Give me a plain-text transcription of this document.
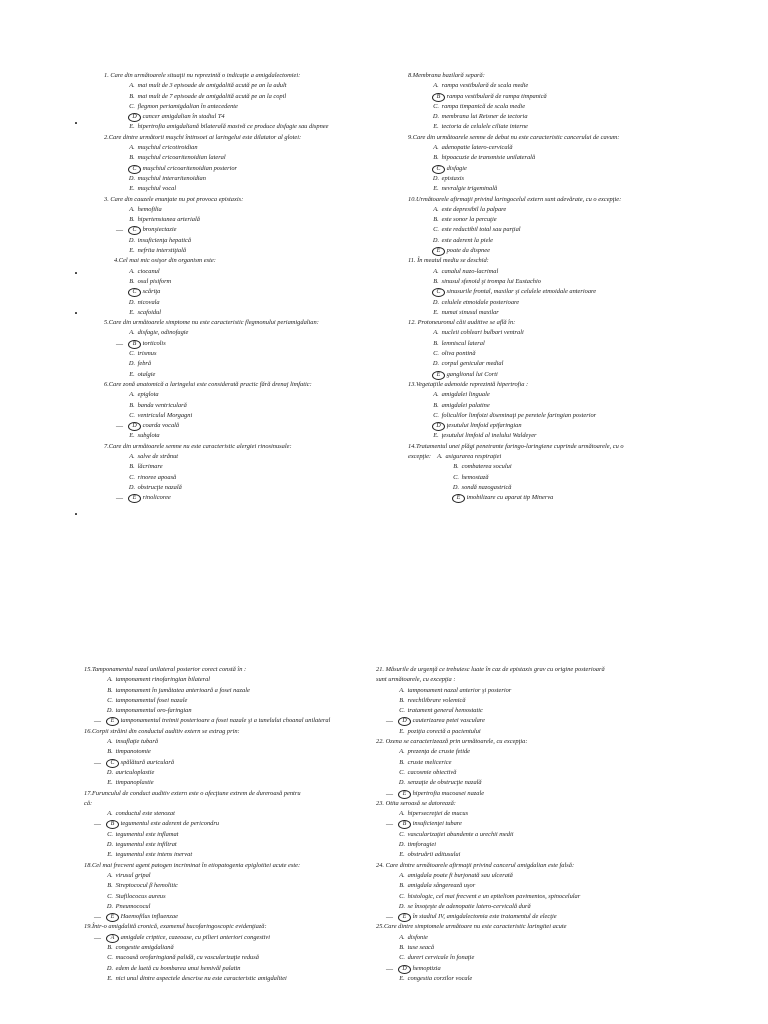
1. Care din următoarele situaţii nu reprezintă o indicaţie a amigdalectomiei:
A. mai mult de 3 episoade de amigdalită acută pe an la adult
B. mai mult de 7 episoade de amigdalită acută pe an la copil
C. flegmon periamigdalian în antecedente
D cancer amigdalian în stadiul T4
E. hipertrofia amigdaliană bilaterală masivă ce produce disfagie sau dispnee
2.Care dintre următorii muşchi întinsoei ai laringelui este dilatator al glotei:
A. muşchiul cricotiroidian
B. muşchiul cricoaritenoidian lateral
C muşchiul cricoaritenoidian posterior
D. muşchiul interaritenoidian
E. muşchiul vocal
3. Care din cauzele enunţate nu pot provoca epistaxis:
A. hemofilia
B. hipertensiunea arterială
— C bronşiectazie
D. insuficienţa hepatică
E. nefrita interstiţială
4.Cel mai mic osişor din organism este:
A. ciocanul
B. osul pisiform
C scăriţa
D. nicovala
E. scafoidul
5.Care din următoarele simptome nu este caracteristic flegmonului periamigdalian:
A. disfagie, odinofagie
— B torticolis
C. trismus
D. febră
E. otalgie
6.Care zonă anatomică a laringelui este considerată practic fără drenaj limfatic:
A. epiglota
B. banda ventriculară
C. ventriculul Morgagni
— D coarda vocală
E. subglota
7.Care din următoarele semne nu este caracteristic alergiei rinosinusale:
A. salve de strănut
B. lăcrimare
C. rinoree apoasă
D. obstrucţie nazală
— E rinolicoree
8.Membrana bazilară separă:
A. rampa vestibulară de scala medie
B rampa vestibulară de rampa timpanică
C. rampa timpanică de scala medie
D. membrana lui Reisner de tectoria
E. tectoria de celulele ciliate interne
9.Care din următoarele semne de debut nu este caracteristic cancerului de cavum:
A. adenopatie latero-cervicală
B. hipoacuzie de transmisie unilaterală
C disfagie
D. epistaxis
E. nevralgie trigeminală
10.Următoarele afirmaţii privind laringocelul extern sunt adevărate, cu o excepţie:
A. este depresibil la palpare
B. este sonor la percuţie
C. este reductibil total sau parţial
D. este aderent la piele
E poate da dispnee
11. În meatul mediu se deschid:
A. canalul nazo-lacrimal
B. sinusul sfenoid şi trompa lui Eustachio
C sinusurile frontal, maxilar şi celulele etmoidale anterioare
D. celulele etmoidale posterioare
E. numai sinusul maxilar
12. Protoneuronul căii auditive se află în:
A. nucleii cohleari bulbari ventrali
B. lemniscul lateral
C. oliva pontină
D. corpul genicular medial
E ganglionul lui Corti
13.Vegetaţiile adenoide reprezintă hipertrofia :
A. amigdalei linguale
B. amigdalei palatine
C. foliculilor limfoizi diseminaţi pe peretele faringian posterior
D ţesutului limfoid epifaringian
E. ţesutului limfoid al inelului Waldeyer
14.Tratamentul unei plăgi penetrante faringo-laringiene cuprinde următoarele, cu o
excepţie: A. asigurarea respiraţiei
B. combaterea socului
C. hemostază
D. sondă nazogastrică
E imobilizare cu aparat tip Minerva
15.Tamponamentul nazal unilateral posterior corect constă în :
A. tamponament rinofaringian bilateral
B. tamponament în jumătatea anterioară a fosei nazale
C. tamponamentul fosei nazale
D. tamponamentul oro-faringian
— E tamponamentul treimii posterioare a fosei nazale şi a tunelului choanal unilateral
16.Corpii străini din conductul auditiv extern se extrag prin:
A. insuflaţie tubară
B. timpanotomie
— C spălătură auriculară
D. auriculoplastie
E. timpanoplastie
17.Furunculul de conduct auditiv extern este o afecţiune extrem de dureroasă pentru
că:
A. conductul este stenozat
— B tegumentul este aderent de pericondru
C. tegumentul este inflamat
D. tegumentul este infiltrat
E. tegumentul este intens inervat
18.Cel mai frecvent agent patogen incriminat în etiopatogenia epiglotitei acute este:
A. virusul gripal
B. Streptococul β hemolitic
C. Stafilococus aureus
D. Pneumococul
— E Haemofilus influenzae
19.Într-o amigdalită cronică, examenul bucofaringoscopic evidenţiază:
— A amigdale criptice, cazeoase, cu pilieri anteriori congestivi
B. congestie amigdaliană
C. mucoasă orofaringiană palidă, cu vascularizaţie redusă
D. edem de luetă cu bombarea unui hemivăl palatin
E. nici unul dintre aspectele descrise nu este caracteristic amigdalitei
21. Măsurile de urgenţă ce trebuiesc luate în caz de epistaxis grav cu origine posterioară
sunt următoarele, cu excepţia :
A. tamponament nazal anterior şi posterior
B. reechilibrare volemică
C. tratament general hemostatic
— D cauterizarea petei vasculare
E. poziţia corectă a pacientului
22. Ozena se caracterizează prin următoarele, cu excepţia:
A. prezenţa de cruste fetide
B. cruste melicerice
C. cacosmie obiectivă
D. senzaţie de obstrucţie nazală
— E hipertrofia mucoasei nazale
23. Otita seroasă se datorează:
A. hipersecreţiei de mucus
— B insuficienţei tubare
C. vascularizaţiei abundente a urechii medii
D. timforagiei
E. obstruării aditusului
24. Care dintre următoarele afirmaţii privind cancerul amigdalian este falsă:
A. amigdala poate fi burjonată sau ulcerată
B. amigdala sângerează uşor
C. histologic, cel mai frecvent e un epiteliom pavimentos, spinocelular
D. se însoţeşte de adenopatie latero-cervicală dură
— E în stadiul IV, amigdalectomia este tratamentul de elecţie
25.Care dintre simptomele următoare nu este caracteristic laringitei acute
A. disfonie
B. tuse seacă
C. dureri cervicale în fonaţie
— D hemoptizia
E. congestia corzilor vocale
